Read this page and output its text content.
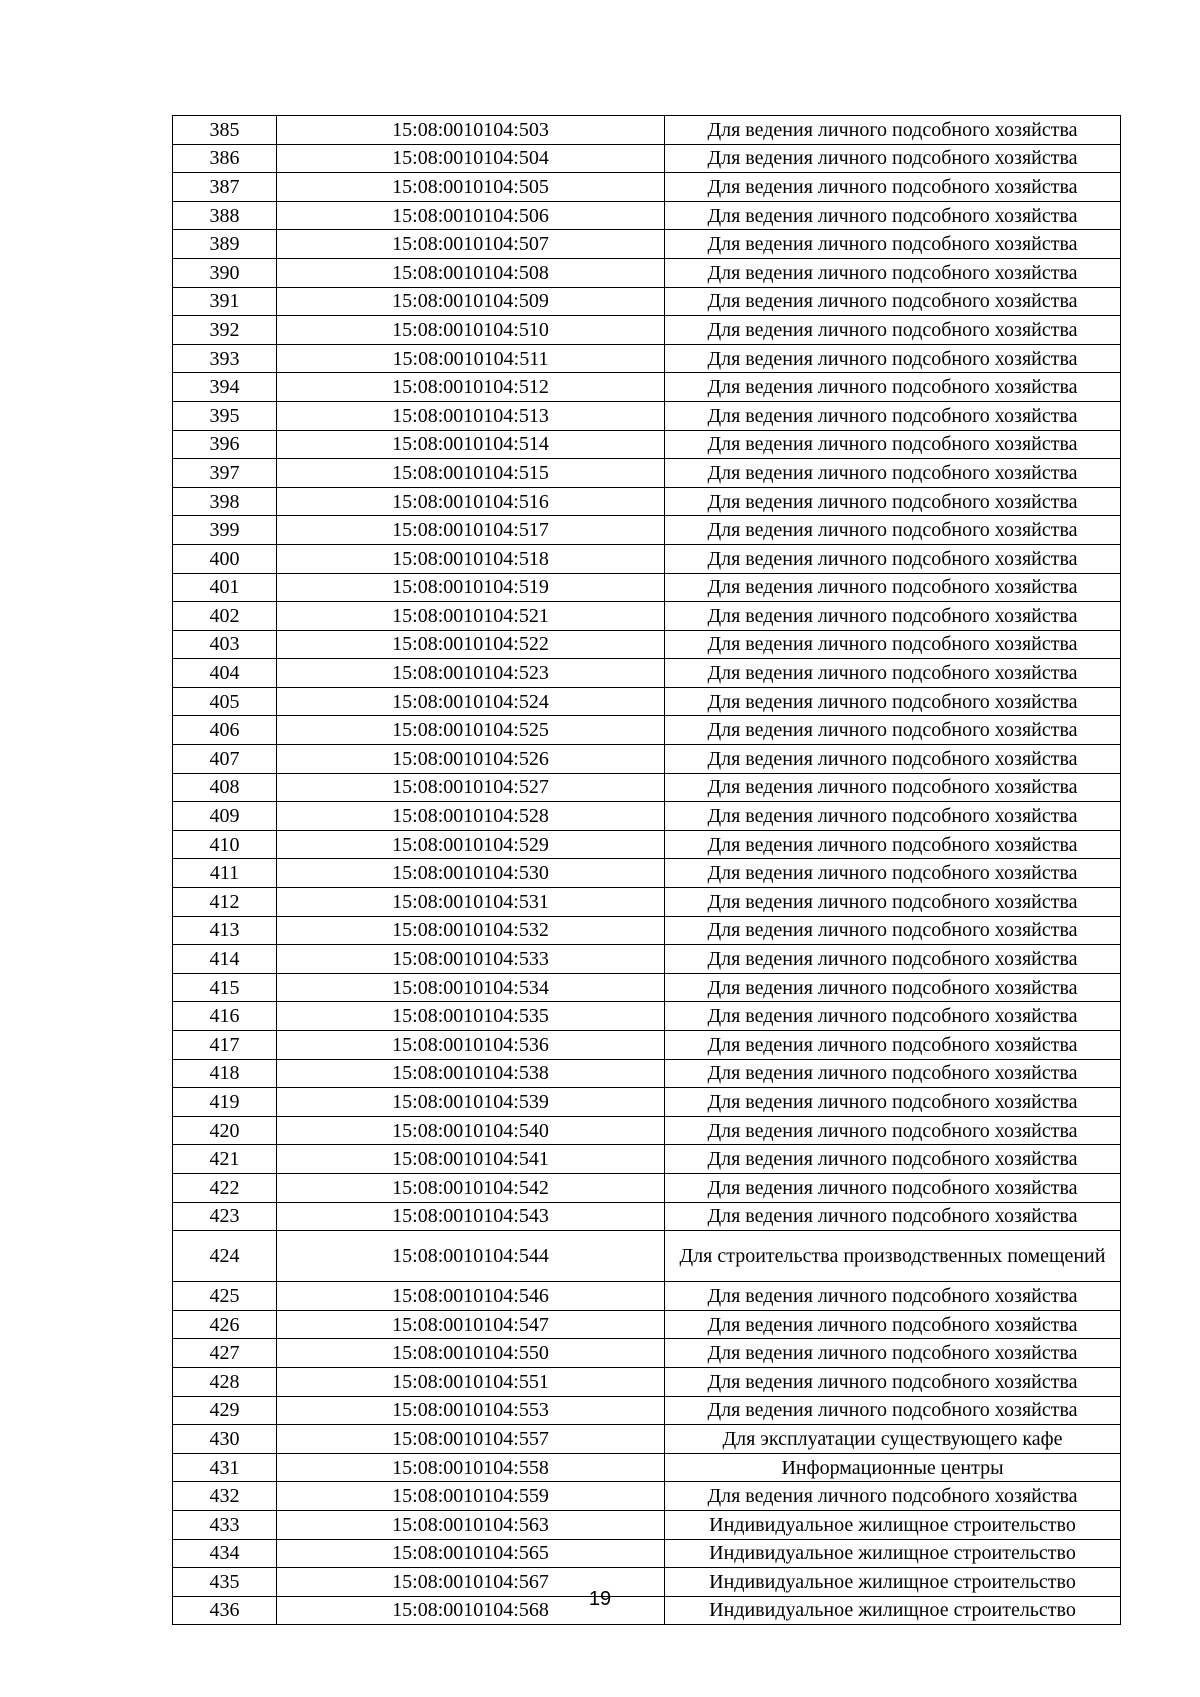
385	15:08:0010104:503	Для ведения личного подсобного хозяйства
386	15:08:0010104:504	Для ведения личного подсобного хозяйства
387	15:08:0010104:505	Для ведения личного подсобного хозяйства
388	15:08:0010104:506	Для ведения личного подсобного хозяйства
389	15:08:0010104:507	Для ведения личного подсобного хозяйства
390	15:08:0010104:508	Для ведения личного подсобного хозяйства
391	15:08:0010104:509	Для ведения личного подсобного хозяйства
392	15:08:0010104:510	Для ведения личного подсобного хозяйства
393	15:08:0010104:511	Для ведения личного подсобного хозяйства
394	15:08:0010104:512	Для ведения личного подсобного хозяйства
395	15:08:0010104:513	Для ведения личного подсобного хозяйства
396	15:08:0010104:514	Для ведения личного подсобного хозяйства
397	15:08:0010104:515	Для ведения личного подсобного хозяйства
398	15:08:0010104:516	Для ведения личного подсобного хозяйства
399	15:08:0010104:517	Для ведения личного подсобного хозяйства
400	15:08:0010104:518	Для ведения личного подсобного хозяйства
401	15:08:0010104:519	Для ведения личного подсобного хозяйства
402	15:08:0010104:521	Для ведения личного подсобного хозяйства
403	15:08:0010104:522	Для ведения личного подсобного хозяйства
404	15:08:0010104:523	Для ведения личного подсобного хозяйства
405	15:08:0010104:524	Для ведения личного подсобного хозяйства
406	15:08:0010104:525	Для ведения личного подсобного хозяйства
407	15:08:0010104:526	Для ведения личного подсобного хозяйства
408	15:08:0010104:527	Для ведения личного подсобного хозяйства
409	15:08:0010104:528	Для ведения личного подсобного хозяйства
410	15:08:0010104:529	Для ведения личного подсобного хозяйства
411	15:08:0010104:530	Для ведения личного подсобного хозяйства
412	15:08:0010104:531	Для ведения личного подсобного хозяйства
413	15:08:0010104:532	Для ведения личного подсобного хозяйства
414	15:08:0010104:533	Для ведения личного подсобного хозяйства
415	15:08:0010104:534	Для ведения личного подсобного хозяйства
416	15:08:0010104:535	Для ведения личного подсобного хозяйства
417	15:08:0010104:536	Для ведения личного подсобного хозяйства
418	15:08:0010104:538	Для ведения личного подсобного хозяйства
419	15:08:0010104:539	Для ведения личного подсобного хозяйства
420	15:08:0010104:540	Для ведения личного подсобного хозяйства
421	15:08:0010104:541	Для ведения личного подсобного хозяйства
422	15:08:0010104:542	Для ведения личного подсобного хозяйства
423	15:08:0010104:543	Для ведения личного подсобного хозяйства
424	15:08:0010104:544	Для строительства производственных помещений
425	15:08:0010104:546	Для ведения личного подсобного хозяйства
426	15:08:0010104:547	Для ведения личного подсобного хозяйства
427	15:08:0010104:550	Для ведения личного подсобного хозяйства
428	15:08:0010104:551	Для ведения личного подсобного хозяйства
429	15:08:0010104:553	Для ведения личного подсобного хозяйства
430	15:08:0010104:557	Для эксплуатации существующего кафе
431	15:08:0010104:558	Информационные центры
432	15:08:0010104:559	Для ведения личного подсобного хозяйства
433	15:08:0010104:563	Индивидуальное жилищное строительство
434	15:08:0010104:565	Индивидуальное жилищное строительство
435	15:08:0010104:567	Индивидуальное жилищное строительство
436	15:08:0010104:568	Индивидуальное жилищное строительство
19
